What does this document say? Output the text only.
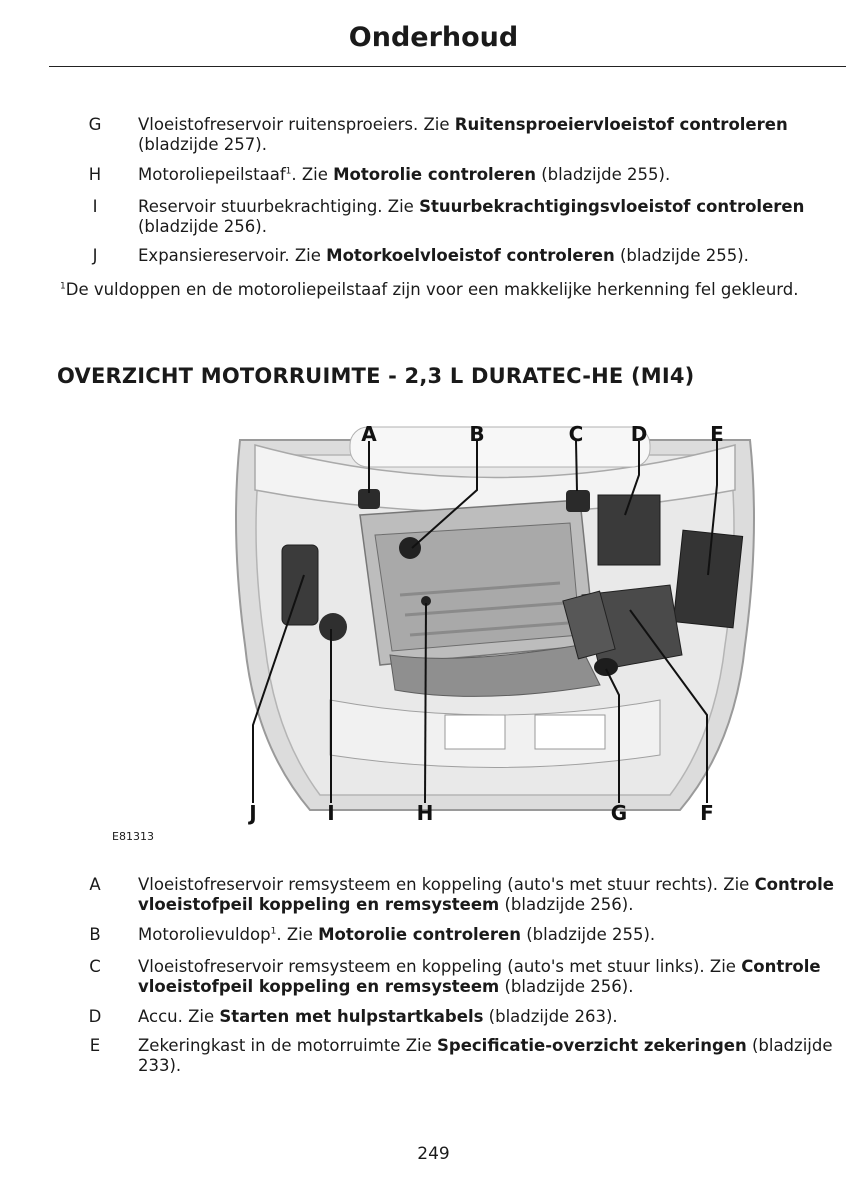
Onderhoud
G	Vloeistofreservoir ruitensproeiers. Zie Ruitensproeiervloeistof controleren (bladzijde 257).
H	Motoroliepeilstaaf$^1$. Zie Motorolie controleren (bladzijde 255).
I	Reservoir stuurbekrachtiging. Zie Stuurbekrachtigingsvloeistof controleren (bladzijde 256).
J	Expansiereservoir. Zie Motorkoelvloeistof controleren (bladzijde 255).
$^1$De vuldoppen en de motoroliepeilstaaf zijn voor een makkelijke herkenning fel gekleurd.
OVERZICHT MOTORRUIMTE - 2,3 L DURATEC-HE (MI4)
A	B	C D	E
J	I	H	G	F
E81313
A	Vloeistofreservoir remsysteem en koppeling (auto's met stuur rechts). Zie Controle vloeistofpeil koppeling en remsysteem (bladzijde 256).
B	Motorolievuldop$^1$. Zie Motorolie controleren (bladzijde 255).
C	Vloeistofreservoir remsysteem en koppeling (auto's met stuur links). Zie Controle vloeistofpeil koppeling en remsysteem (bladzijde 256).
D	Accu. Zie Starten met hulpstartkabels (bladzijde 263).
E	Zekeringkast in de motorruimte Zie Specificatie-overzicht zekeringen (bladzijde 233).
249
